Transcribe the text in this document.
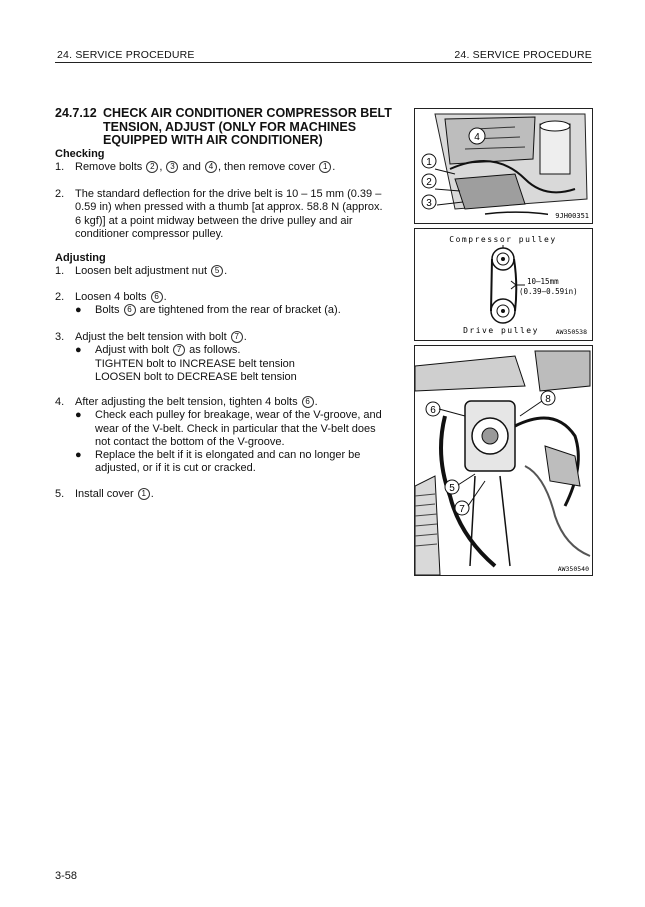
24. SERVICE PROCEDURE	24. SERVICE PROCEDURE
24.7.12 CHECK AIR CONDITIONER COMPRESSOR BELT
TENSION, ADJUST (ONLY FOR MACHINES
EQUIPPED WITH AIR CONDITIONER)
Checking
1. Remove bolts 2 , 3 and 4 , then remove cover 1 .
2. The standard deflection for the drive belt is 10 – 15 mm (0.39 –
0.59 in) when pressed with a thumb [at approx. 58.8 N (approx.
6 kgf)] at a point midway between the drive pulley and air
conditioner compressor pulley.
Adjusting
1. Loosen belt adjustment nut 5 .
2. Loosen 4 bolts 6 .
● Bolts 6 are tightened from the rear of bracket (a).
3. Adjust the belt tension with bolt 7 .
● Adjust with bolt 7 as follows.
TIGHTEN bolt to INCREASE belt tension
LOOSEN bolt to DECREASE belt tension
4. After adjusting the belt tension, tighten 4 bolts 6 .
● Check each pulley for breakage, wear of the V-groove, and
wear of the V-belt. Check in particular that the V-belt does
not contact the bottom of the V-groove.
● Replace the belt if it is elongated and can no longer be
adjusted, or if it is cut or cracked.
5. Install cover 1 .
4
1
2
3
9JH00351
Compressor pulley
10—15mm
(0.39—0.59in)
Drive pulley	AW350538
6
8
5
7
AW350540
3-58
